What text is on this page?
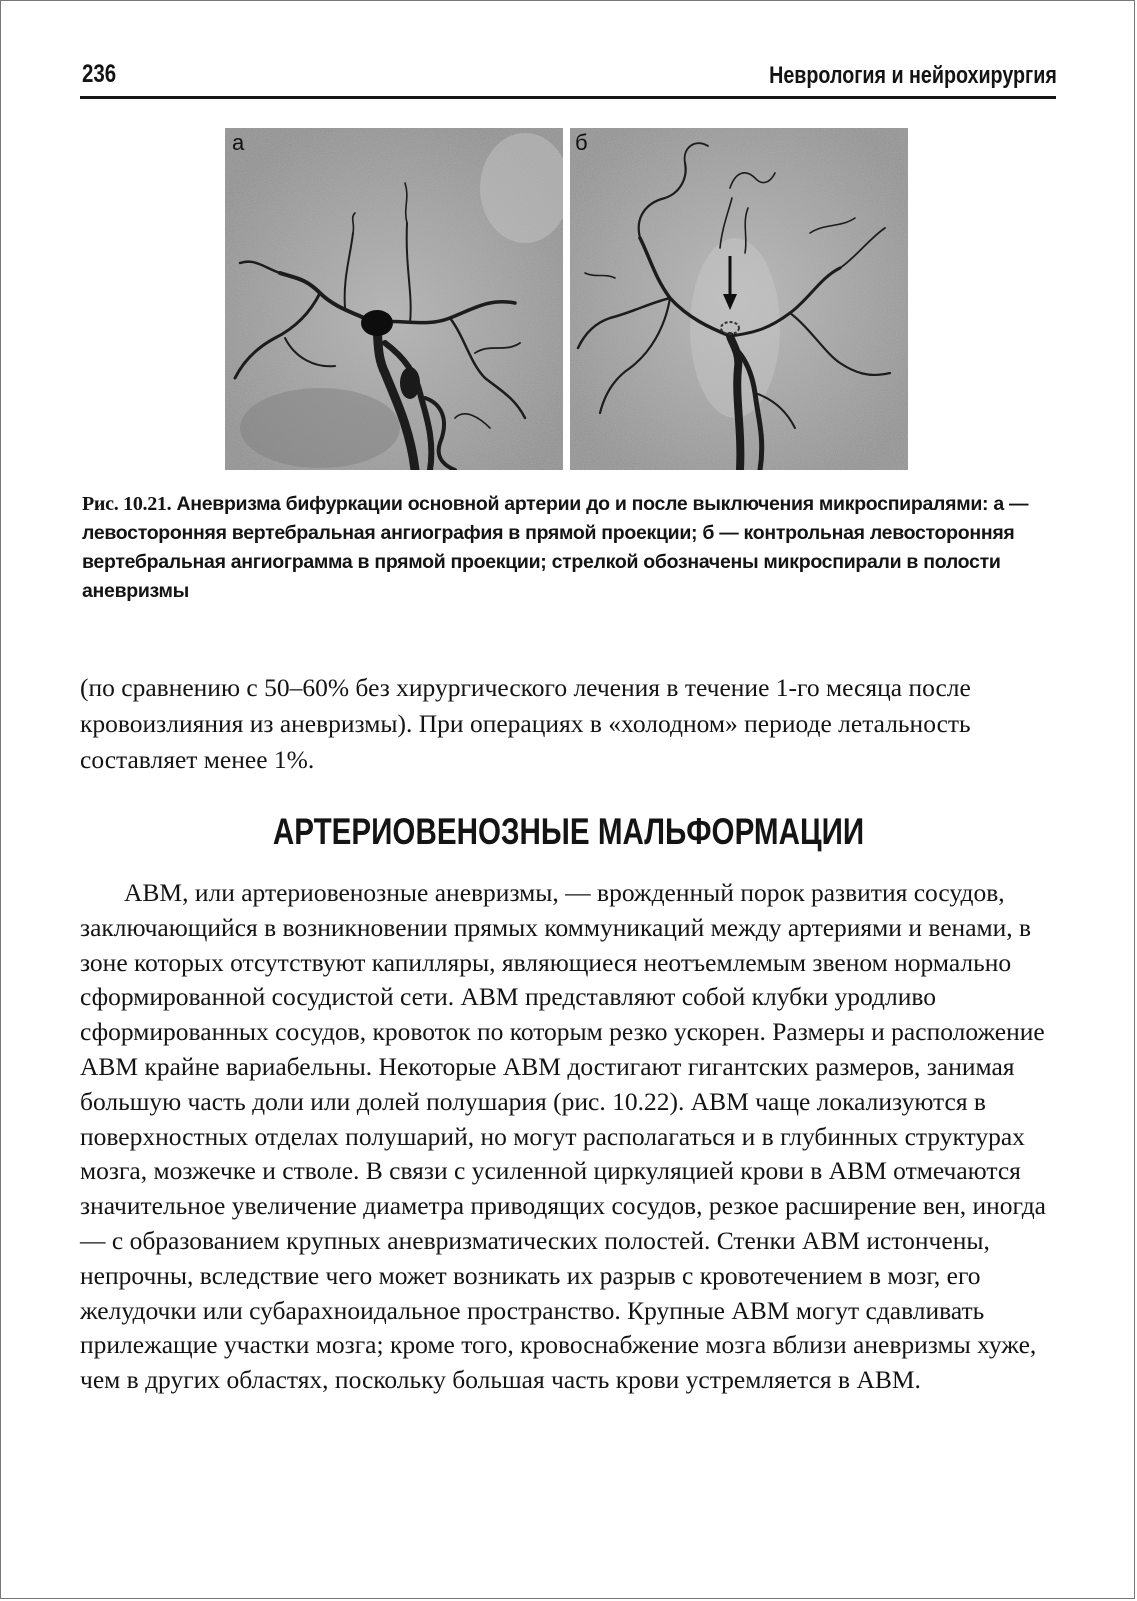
236	Неврология и нейрохирургия
а	б
Рис. 10.21. Аневризма бифуркации основной артерии до и после выключения микроспиралями: а — левосторонняя вертебральная ангиография в прямой проекции; б — контрольная левосторонняя вертебральная ангиограмма в прямой проекции; стрелкой обозначены микроспирали в полости аневризмы

(по сравнению с 50–60% без хирургического лечения в течение 1-го месяца после кровоизлияния из аневризмы). При операциях в «холодном» периоде летальность составляет менее 1%.

АРТЕРИОВЕНОЗНЫЕ МАЛЬФОРМАЦИИ

АВМ, или артериовенозные аневризмы, — врожденный порок развития сосудов, заключающийся в возникновении прямых коммуникаций между артериями и венами, в зоне которых отсутствуют капилляры, являющиеся неотъемлемым звеном нормально сформированной сосудистой сети. АВМ представляют собой клубки уродливо сформированных сосудов, кровоток по которым резко ускорен. Размеры и расположение АВМ крайне вариабельны. Некоторые АВМ достигают гигантских размеров, занимая большую часть доли или долей полушария (рис. 10.22). АВМ чаще локализуются в поверхностных отделах полушарий, но могут располагаться и в глубинных структурах мозга, мозжечке и стволе. В связи с усиленной циркуляцией крови в АВМ отмечаются значительное увеличение диаметра приводящих сосудов, резкое расширение вен, иногда — с образованием крупных аневризматических полостей. Стенки АВМ истончены, непрочны, вследствие чего может возникать их разрыв с кровотечением в мозг, его желудочки или субарахноидальное пространство. Крупные АВМ могут сдавливать прилежащие участки мозга; кроме того, кровоснабжение мозга вблизи аневризмы хуже, чем в других областях, поскольку большая часть крови устремляется в АВМ.
